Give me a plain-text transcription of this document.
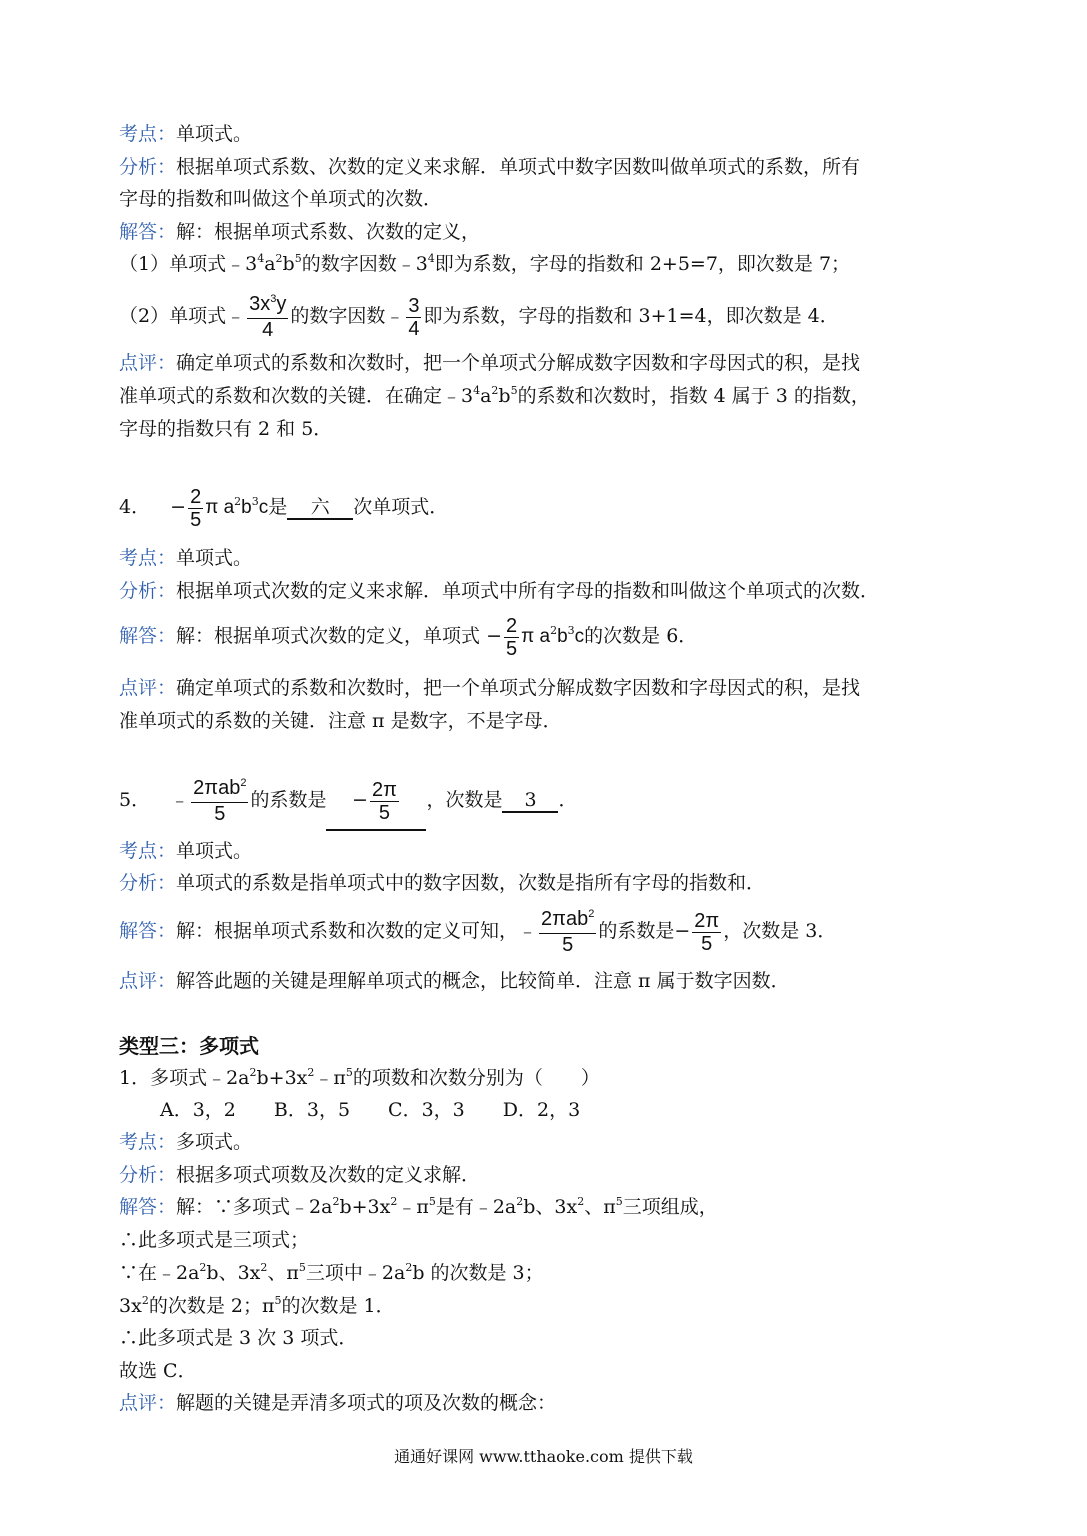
考点：单项式。
分析：根据单项式系数、次数的定义来求解．单项式中数字因数叫做单项式的系数，所有
字母的指数和叫做这个单项式的次数．
解答：解：根据单项式系数、次数的定义，
（1）单项式$﹣3^4a^2b^5$的数字因数$﹣3^4$即为系数，字母的指数和 2+5=7，即次数是 7；
（2）单项式﹣ $\frac{3x^3y}{4}$ 的数字因数﹣ $\frac{3}{4}$ 即为系数，字母的指数和 3+1=4，即次数是 4．
点评：确定单项式的系数和次数时，把一个单项式分解成数字因数和字母因式的积，是找
准单项式的系数和次数的关键．在确定$﹣3^4a^2b^5$的系数和次数时，指数 4 属于 3 的指数，
字母的指数只有 2 和 5．
4． − $\frac{2}{5}$ π $a^2b^3c$是 六 次单项式．
考点：单项式。
分析：根据单项式次数的定义来求解．单项式中所有字母的指数和叫做这个单项式的次数．
解答：解：根据单项式次数的定义，单项式 − $\frac{2}{5}$ π $a^2b^3c$的次数是 6．
点评：确定单项式的系数和次数时，把一个单项式分解成数字因数和字母因式的积，是找
准单项式的系数的关键．注意 π 是数字，不是字母．
5． ﹣ $\frac{2\pi ab^2}{5}$ 的系数是 − $\frac{2\pi}{5}$ ，次数是 3 ．
考点：单项式。
分析：单项式的系数是指单项式中的数字因数，次数是指所有字母的指数和．
解答：解：根据单项式系数和次数的定义可知，﹣ $\frac{2\pi ab^2}{5}$ 的系数是− $\frac{2\pi}{5}$ ，次数是 3．
点评：解答此题的关键是理解单项式的概念，比较简单．注意 π 属于数字因数．
类型三：多项式
1．多项式$﹣2a^2b+3x^2﹣\pi^5$的项数和次数分别为（　　）
A．3，2　　B．3，5　　C．3，3　　D．2，3
考点：多项式。
分析：根据多项式项数及次数的定义求解．
解答：解：∵多项式$﹣2a^2b+3x^2﹣\pi^5$是有$﹣2a^2b$、$3x^2$、$\pi^5$三项组成，
∴此多项式是三项式；
∵在$﹣2a^2b$、$3x^2$、$\pi^5$三项中$﹣2a^2b$ 的次数是 3；
$3x^2$的次数是 2；$\pi^5$的次数是 1．
∴此多项式是 3 次 3 项式．
故选 C．
点评：解题的关键是弄清多项式的项及次数的概念：
通通好课网 www.tthaoke.com 提供下载
